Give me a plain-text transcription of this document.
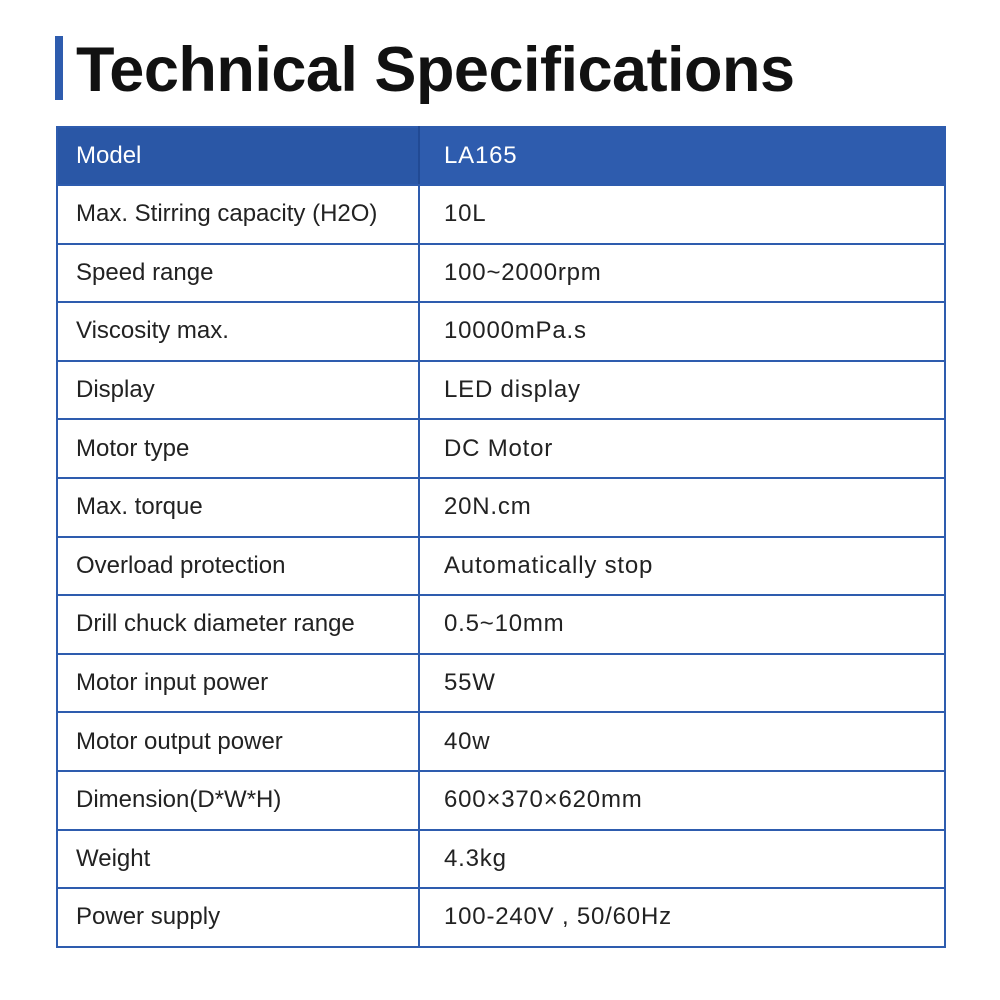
Technical Specifications
Model	LA165
Max. Stirring capacity (H2O)	10L
Speed range	100~2000rpm
Viscosity max.	10000mPa.s
Display	LED display
Motor type	DC Motor
Max. torque	20N.cm
Overload protection	Automatically stop
Drill chuck diameter range	0.5~10mm
Motor input power	55W
Motor output power	40w
Dimension(D*W*H)	600×370×620mm
Weight	4.3kg
Power supply	100-240V , 50/60Hz
